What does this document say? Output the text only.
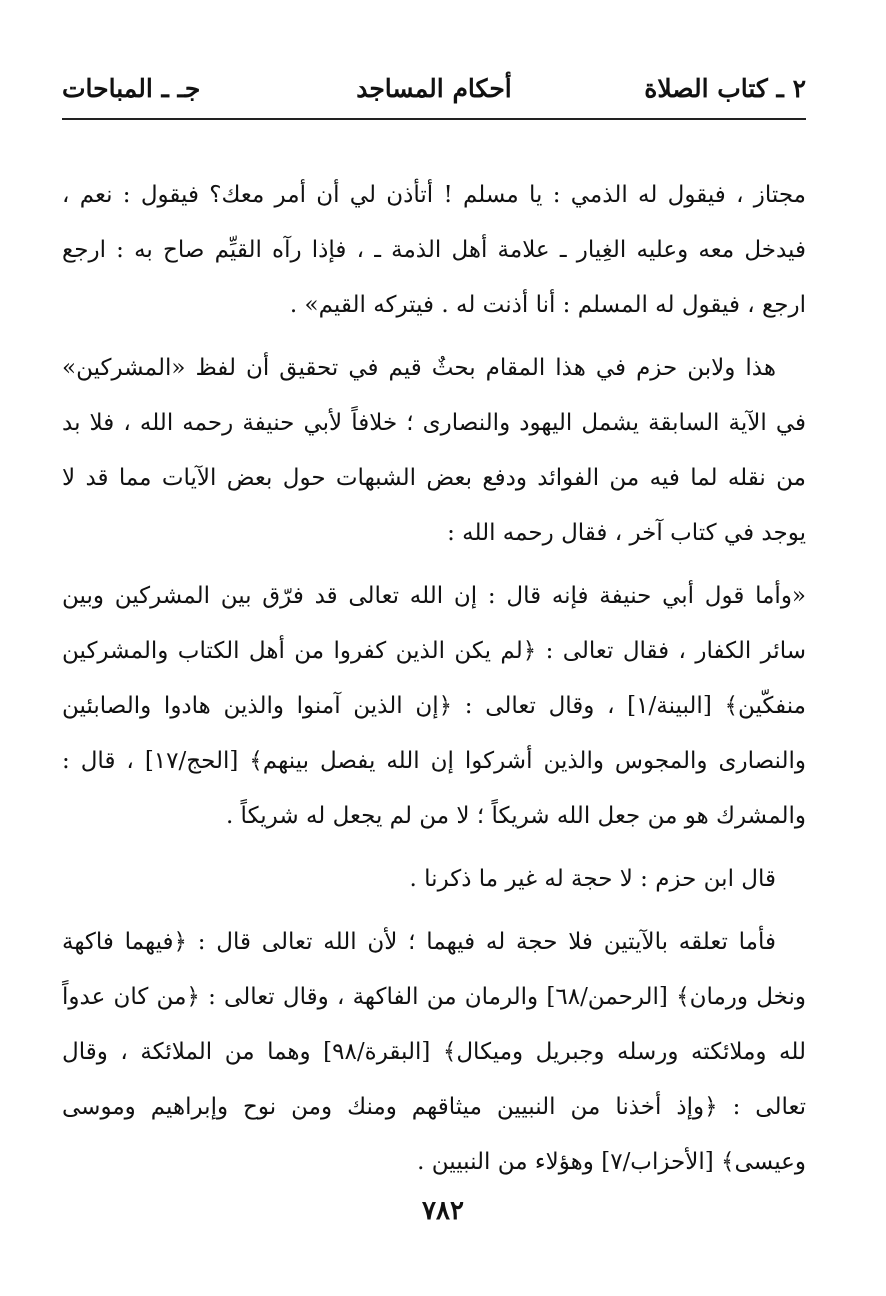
٢ ـ كتاب الصلاة
أحكام المساجد
جـ ـ المباحات

مجتاز ، فيقول له الذمي : يا مسلم ! أتأذن لي أن أمر معك؟ فيقول : نعم ، فيدخل معه وعليه الغِيار ـ علامة أهل الذمة ـ ، فإذا رآه القيِّم صاح به : ارجع ارجع ، فيقول له المسلم : أنا أذنت له . فيتركه القيم» .

هذا ولابن حزم في هذا المقام بحثٌ قيم في تحقيق أن لفظ «المشركين» في الآية السابقة يشمل اليهود والنصارى ؛ خلافاً لأبي حنيفة رحمه الله ، فلا بد من نقله لما فيه من الفوائد ودفع بعض الشبهات حول بعض الآيات مما قد لا يوجد في كتاب آخر ، فقال رحمه الله :

«وأما قول أبي حنيفة فإنه قال : إن الله تعالى قد فرّق بين المشركين وبين سائر الكفار ، فقال تعالى : ﴿لم يكن الذين كفروا من أهل الكتاب والمشركين منفكّين﴾ [البينة/١] ، وقال تعالى : ﴿إن الذين آمنوا والذين هادوا والصابئين والنصارى والمجوس والذين أشركوا إن الله يفصل بينهم﴾ [الحج/١٧] ، قال : والمشرك هو من جعل الله شريكاً ؛ لا من لم يجعل له شريكاً .

قال ابن حزم : لا حجة له غير ما ذكرنا .

فأما تعلقه بالآيتين فلا حجة له فيهما ؛ لأن الله تعالى قال : ﴿فيهما فاكهة ونخل ورمان﴾ [الرحمن/٦٨] والرمان من الفاكهة ، وقال تعالى : ﴿من كان عدواً لله وملائكته ورسله وجبريل وميكال﴾ [البقرة/٩٨] وهما من الملائكة ، وقال تعالى : ﴿وإذ أخذنا من النبيين ميثاقهم ومنك ومن نوح وإبراهيم وموسى وعيسى﴾ [الأحزاب/٧] وهؤلاء من النبيين .

٧٨٢
